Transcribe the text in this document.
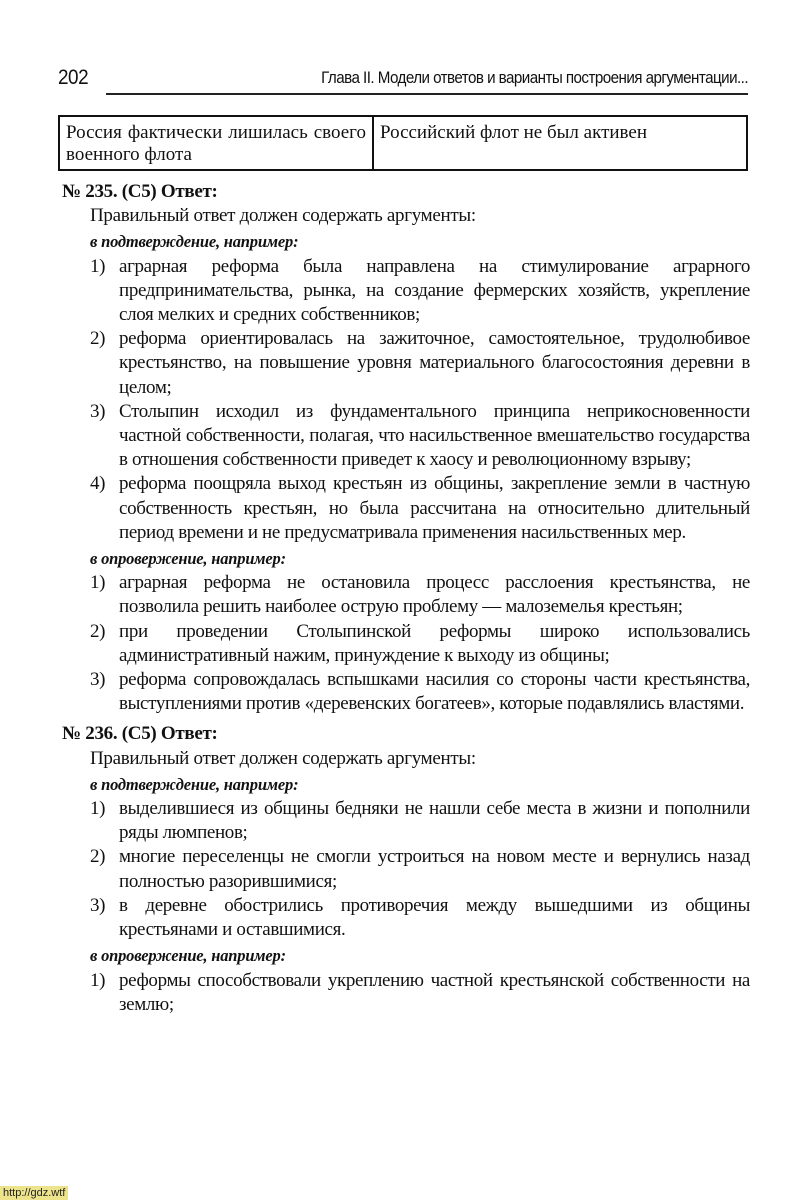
202	Глава II. Модели ответов и варианты построения аргументации...
Россия фактически лишилась своего военного флота	Российский флот не был активен

№ 235. (С5) Ответ:

Правильный ответ должен содержать аргументы:

в подтверждение, например:

1) аграрная реформа была направлена на стимулирование аграрного предпринимательства, рынка, на создание фермерских хозяйств, укрепление слоя мелких и средних собственников;
2) реформа ориентировалась на зажиточное, самостоятельное, трудолюбивое крестьянство, на повышение уровня материального благосостояния деревни в целом;
3) Столыпин исходил из фундаментального принципа неприкосновенности частной собственности, полагая, что насильственное вмешательство государства в отношения собственности приведет к хаосу и революционному взрыву;
4) реформа поощряла выход крестьян из общины, закрепление земли в частную собственность крестьян, но была рассчитана на относительно длительный период времени и не предусматривала применения насильственных мер.

в опровержение, например:

1) аграрная реформа не остановила процесс расслоения крестьянства, не позволила решить наиболее острую проблему — малоземелья крестьян;
2) при проведении Столыпинской реформы широко использовались административный нажим, принуждение к выходу из общины;
3) реформа сопровождалась вспышками насилия со стороны части крестьянства, выступлениями против «деревенских богатеев», которые подавлялись властями.

№ 236. (С5) Ответ:

Правильный ответ должен содержать аргументы:

в подтверждение, например:

1) выделившиеся из общины бедняки не нашли себе места в жизни и пополнили ряды люмпенов;
2) многие переселенцы не смогли устроиться на новом месте и вернулись назад полностью разорившимися;
3) в деревне обострились противоречия между вышедшими из общины крестьянами и оставшимися.

в опровержение, например:

1) реформы способствовали укреплению частной крестьянской собственности на землю;
http://gdz.wtf
